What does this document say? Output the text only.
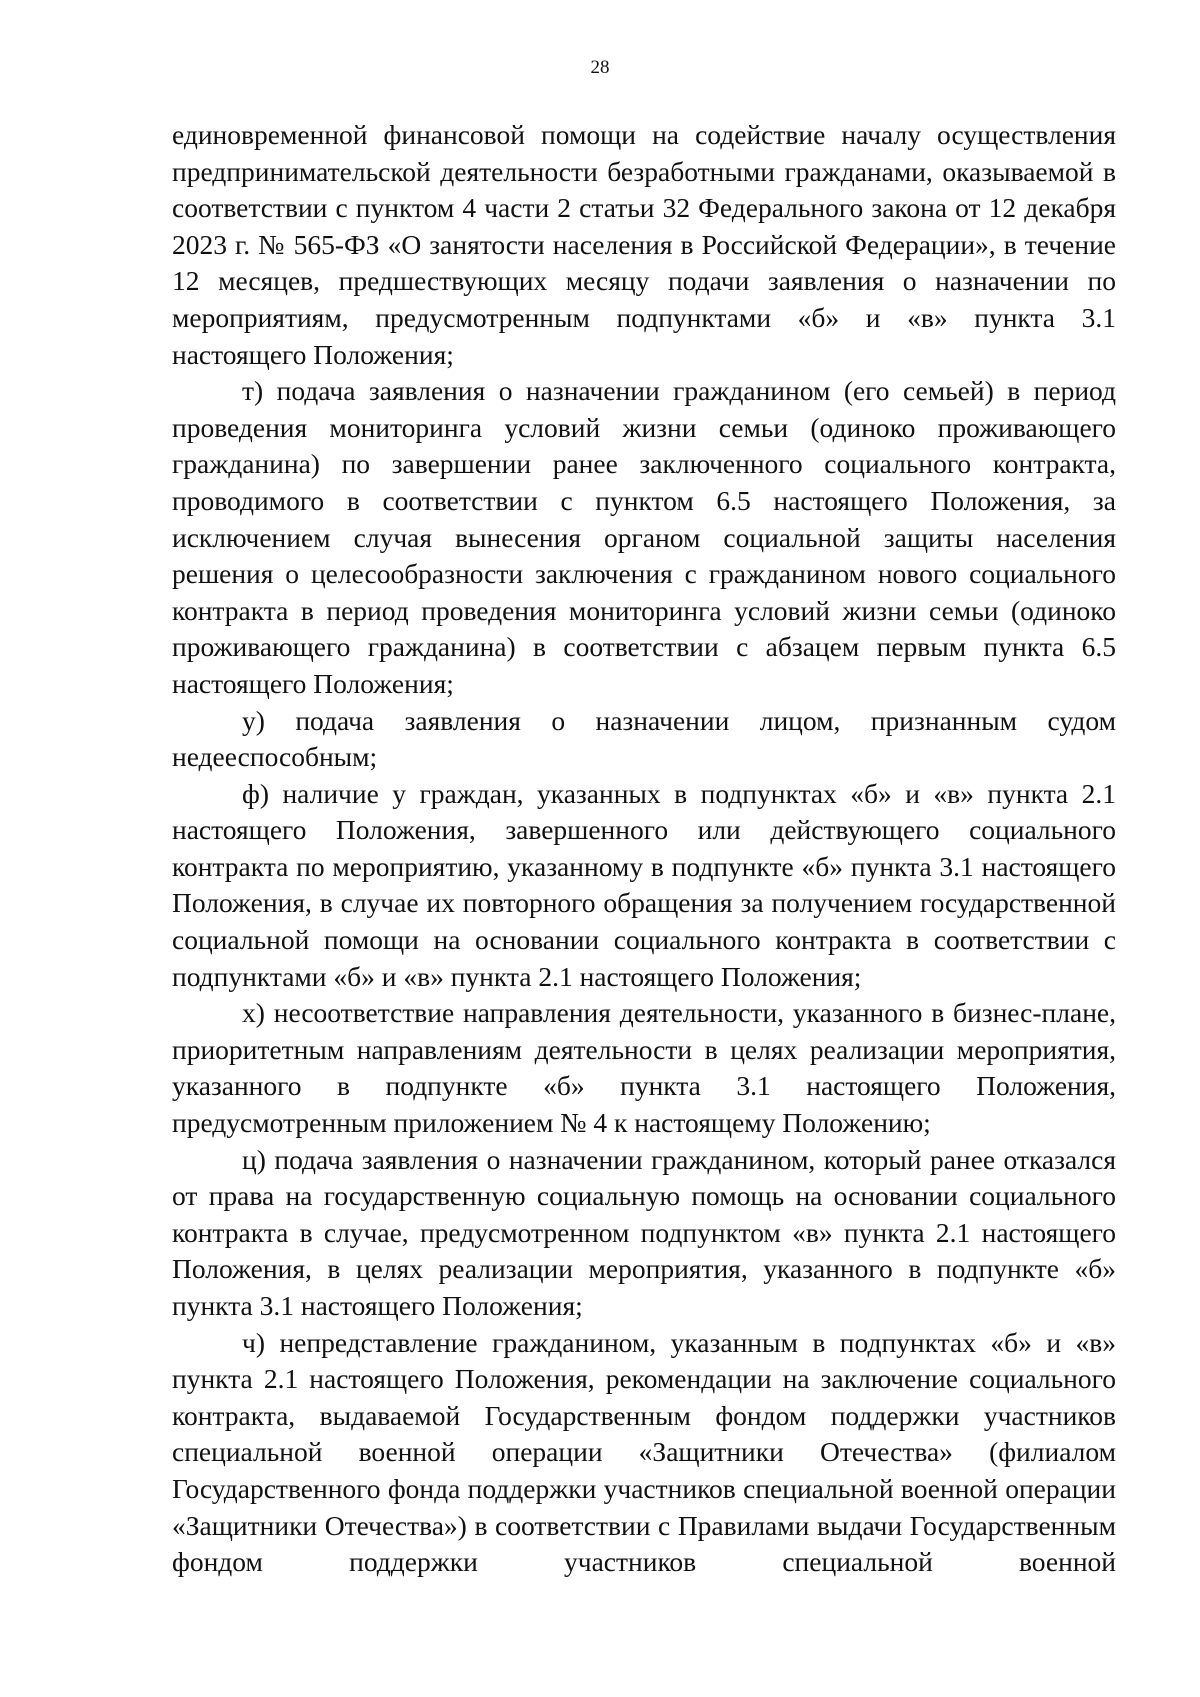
28

единовременной финансовой помощи на содействие началу осуществления предпринимательской деятельности безработными гражданами, оказываемой в соответствии с пунктом 4 части 2 статьи 32 Федерального закона от 12 декабря 2023 г. № 565-ФЗ «О занятости населения в Российской Федерации», в течение 12 месяцев, предшествующих месяцу подачи заявления о назначении по мероприятиям, предусмотренным подпунктами «б» и «в» пункта 3.1 настоящего Положения;

т) подача заявления о назначении гражданином (его семьей) в период проведения мониторинга условий жизни семьи (одиноко проживающего гражданина) по завершении ранее заключенного социального контракта, проводимого в соответствии с пунктом 6.5 настоящего Положения, за исключением случая вынесения органом социальной защиты населения решения о целесообразности заключения с гражданином нового социального контракта в период проведения мониторинга условий жизни семьи (одиноко проживающего гражданина) в соответствии с абзацем первым пункта 6.5 настоящего Положения;

у) подача заявления о назначении лицом, признанным судом недееспособным;

ф) наличие у граждан, указанных в подпунктах «б» и «в» пункта 2.1 настоящего Положения, завершенного или действующего социального контракта по мероприятию, указанному в подпункте «б» пункта 3.1 настоящего Положения, в случае их повторного обращения за получением государственной социальной помощи на основании социального контракта в соответствии с подпунктами «б» и «в» пункта 2.1 настоящего Положения;

х) несоответствие направления деятельности, указанного в бизнес-плане, приоритетным направлениям деятельности в целях реализации мероприятия, указанного в подпункте «б» пункта 3.1 настоящего Положения, предусмотренным приложением № 4 к настоящему Положению;

ц) подача заявления о назначении гражданином, который ранее отказался от права на государственную социальную помощь на основании социального контракта в случае, предусмотренном подпунктом «в» пункта 2.1 настоящего Положения, в целях реализации мероприятия, указанного в подпункте «б» пункта 3.1 настоящего Положения;

ч) непредставление гражданином, указанным в подпунктах «б» и «в» пункта 2.1 настоящего Положения, рекомендации на заключение социального контракта, выдаваемой Государственным фондом поддержки участников специальной военной операции «Защитники Отечества» (филиалом Государственного фонда поддержки участников специальной военной операции «Защитники Отечества») в соответствии с Правилами выдачи Государственным фондом поддержки участников специальной военной
